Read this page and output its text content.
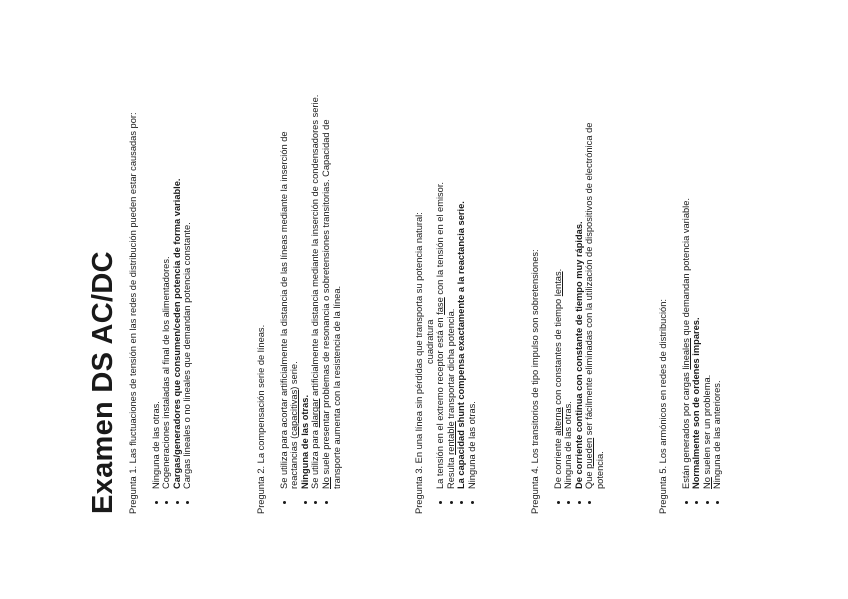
Examen DS AC/DC Pregunta 1. Las fluctuaciones de tensión en las redes de distribución pueden estar causadas por: Ninguna de las otras. Cogeneraciones instaladas al final de los alimentadores. Cargas/generadores que consumen/ceden potencia de forma variable. Cargas lineales o no lineales que demandan potencia constante.	Pregunta 2. La compensación serie de líneas. Se utiliza para acortar artificialmente la distancia de las líneas mediante la inserción de reactancias (capacitivas) serie.
Ninguna de las otras. Se utiliza para alargar artificialmente la distancia mediante la inserción de condensadores serie.
No suele presentar problemas de resonancia o sobretensiones transitorias. Capacidad de transporte aumenta con la resistencia de la línea.	Pregunta 3. En una línea sin pérdidas que transporta su potencia natural: cuadratura La tensión en el extremo receptor está en fase con la tensión en el emisor.
Resulta rentable transportar dicha potencia. La capacidad shunt compensa exactamente a la reactancia serie. Ninguna de las otras.	Pregunta 4. Los transitorios de tipo impulso son sobretensiones: De corriente alterna con constantes de tiempo lentas.
Ninguna de las otras. De corriente continua con constante de tiempo muy rápidas. Que pueden ser fácilmente eliminadas con la utilización de dispositivos de electrónica de potencia.	Pregunta 5. Los armónicos en redes de distribución: Están generados por cargas lineales que demandan potencia variable.
Normalmente son de ordenes impares. No suelen ser un problema. Ninguna de las anteriores.
